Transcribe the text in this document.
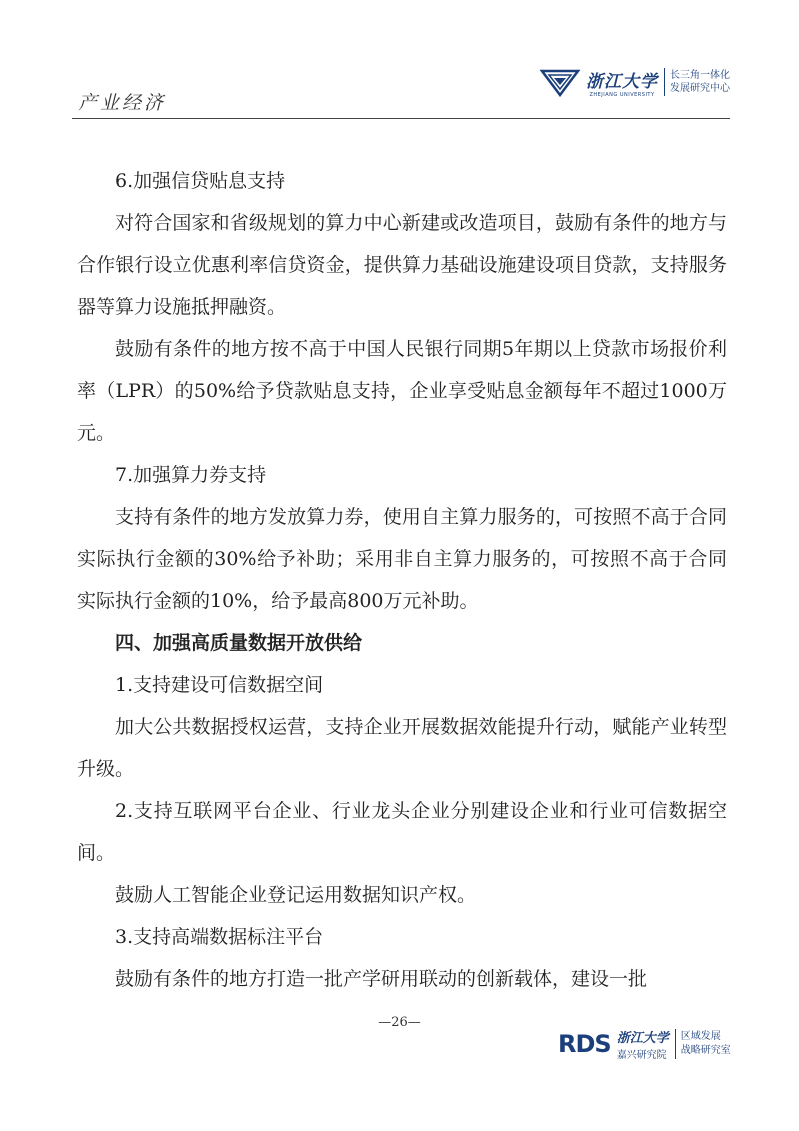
产业经济
浙江大学
ZHEJIANG UNIVERSITY
长三角一体化
发展研究中心

6.加强信贷贴息支持

对符合国家和省级规划的算力中心新建或改造项目，鼓励有条件的地方与合作银行设立优惠利率信贷资金，提供算力基础设施建设项目贷款，支持服务器等算力设施抵押融资。

鼓励有条件的地方按不高于中国人民银行同期5年期以上贷款市场报价利率（LPR）的50%给予贷款贴息支持，企业享受贴息金额每年不超过1000万元。

7.加强算力券支持

支持有条件的地方发放算力券，使用自主算力服务的，可按照不高于合同实际执行金额的30%给予补助；采用非自主算力服务的，可按照不高于合同实际执行金额的10%，给予最高800万元补助。

四、加强高质量数据开放供给

1.支持建设可信数据空间

加大公共数据授权运营，支持企业开展数据效能提升行动，赋能产业转型升级。

2.支持互联网平台企业、行业龙头企业分别建设企业和行业可信数据空间。

鼓励人工智能企业登记运用数据知识产权。

3.支持高端数据标注平台

鼓励有条件的地方打造一批产学研用联动的创新载体，建设一批

—26—
RDS 浙江大学
嘉兴研究院
区域发展
战略研究室
